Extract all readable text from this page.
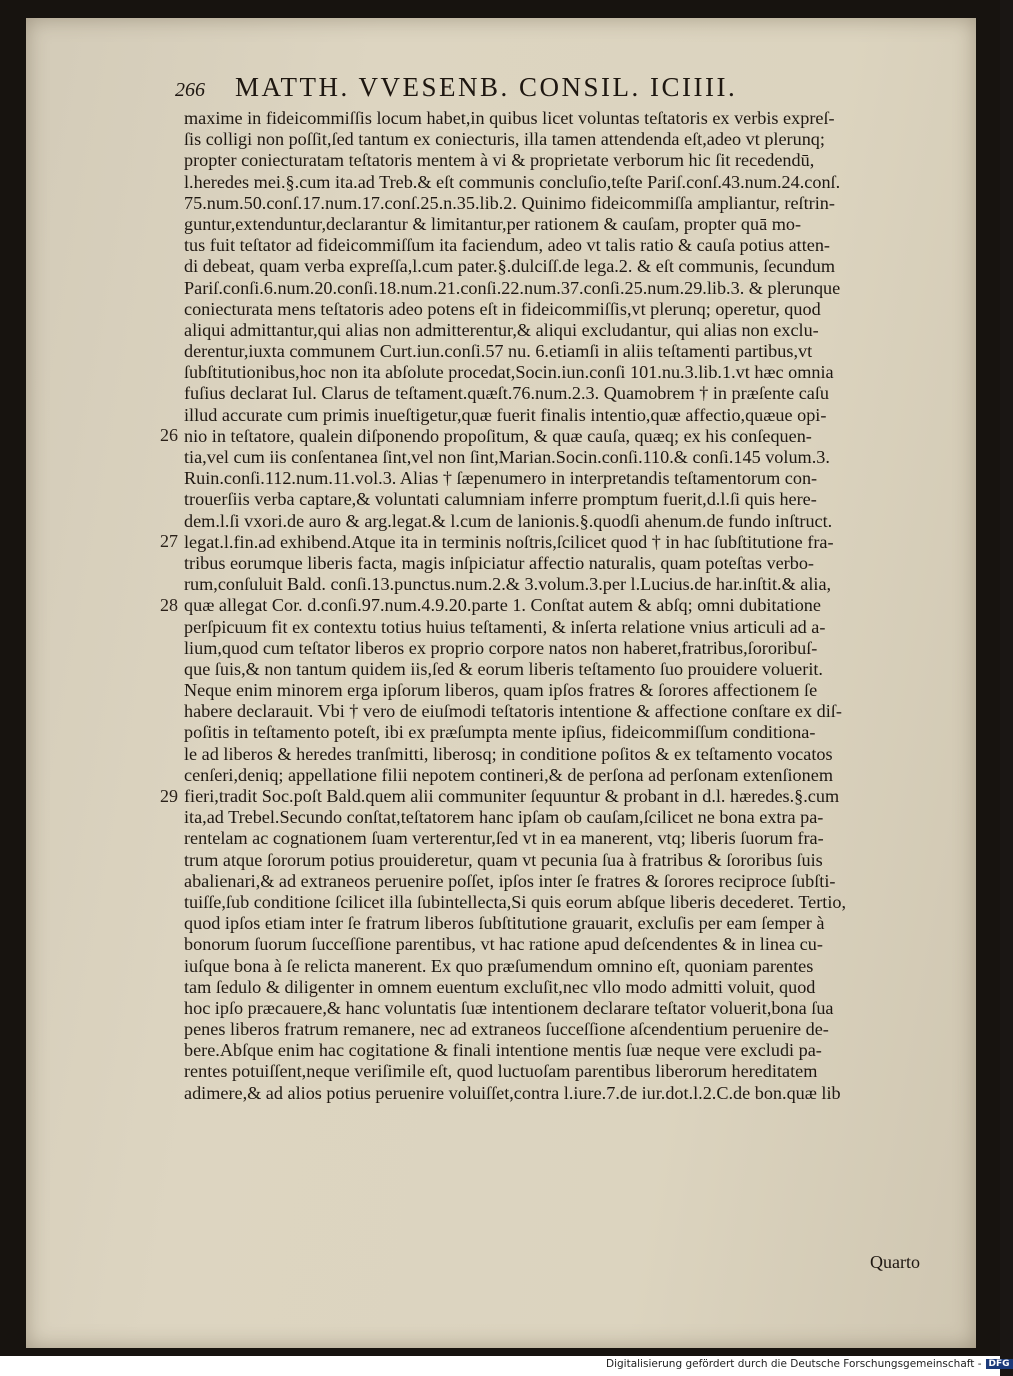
266 MATTH. VVESENB. CONSIL. ICIIII.
maxime in fideicommiſſis locum habet,in quibus licet voluntas teſtatoris ex verbis expreſ-
ſis colligi non poſſit,ſed tantum ex coniecturis, illa tamen attendenda eſt,adeo vt plerunq;
propter coniecturatam teſtatoris mentem à vi & proprietate verborum hic ſit recedendū,
l.heredes mei.§.cum ita.ad Treb.& eſt communis concluſio,teſte Pariſ.conſ.43.num.24.conſ.
75.num.50.conſ.17.num.17.conſ.25.n.35.lib.2. Quinimo fideicommiſſa ampliantur, reſtrin-
guntur,extenduntur,declarantur & limitantur,per rationem & cauſam, propter quā mo-
tus fuit teſtator ad fideicommiſſum ita faciendum, adeo vt talis ratio & cauſa potius atten-
di debeat, quam verba expreſſa,l.cum pater.§.dulciſſ.de lega.2. & eſt communis, ſecundum
Pariſ.conſi.6.num.20.conſi.18.num.21.conſi.22.num.37.conſi.25.num.29.lib.3. & plerunque
coniecturata mens teſtatoris adeo potens eſt in fideicommiſſis,vt plerunq; operetur, quod
aliqui admittantur,qui alias non admitterentur,& aliqui excludantur, qui alias non exclu-
derentur,iuxta communem Curt.iun.conſi.57 nu. 6.etiamſi in aliis teſtamenti partibus,vt
ſubſtitutionibus,hoc non ita abſolute procedat,Socin.iun.conſi 101.nu.3.lib.1.vt hæc omnia
fuſius declarat Iul. Clarus de teſtament.quæſt.76.num.2.3. Quamobrem † in præſente caſu
illud accurate cum primis inueſtigetur,quæ fuerit finalis intentio,quæ affectio,quæue opi-
nio in teſtatore, qualein diſponendo propoſitum, & quæ cauſa, quæq; ex his conſequen-
tia,vel cum iis conſentanea ſint,vel non ſint,Marian.Socin.conſi.110.& conſi.145 volum.3.
Ruin.conſi.112.num.11.vol.3. Alias † ſæpenumero in interpretandis teſtamentorum con-
trouerſiis verba captare,& voluntati calumniam inferre promptum fuerit,d.l.ſi quis here-
dem.l.ſi vxori.de auro & arg.legat.& l.cum de lanionis.§.quodſi ahenum.de fundo inſtruct.
legat.l.fin.ad exhibend.Atque ita in terminis noſtris,ſcilicet quod † in hac ſubſtitutione fra-
tribus eorumque liberis facta, magis inſpiciatur affectio naturalis, quam poteſtas verbo-
rum,conſuluit Bald. conſi.13.punctus.num.2.& 3.volum.3.per l.Lucius.de har.inſtit.& alia,
quæ allegat Cor. d.conſi.97.num.4.9.20.parte 1. Conſtat autem & abſq; omni dubitatione
perſpicuum fit ex contextu totius huius teſtamenti, & inſerta relatione vnius articuli ad a-
lium,quod cum teſtator liberos ex proprio corpore natos non haberet,fratribus,ſororibuſ-
que ſuis,& non tantum quidem iis,ſed & eorum liberis teſtamento ſuo prouidere voluerit.
Neque enim minorem erga ipſorum liberos, quam ipſos fratres & ſorores affectionem ſe
habere declarauit. Vbi † vero de eiuſmodi teſtatoris intentione & affectione conſtare ex diſ-
poſitis in teſtamento poteſt, ibi ex præſumpta mente ipſius, fideicommiſſum conditiona-
le ad liberos & heredes tranſmitti, liberosq; in conditione poſitos & ex teſtamento vocatos
cenſeri,deniq; appellatione filii nepotem contineri,& de perſona ad perſonam extenſionem
fieri,tradit Soc.poſt Bald.quem alii communiter ſequuntur & probant in d.l. hæredes.§.cum
ita,ad Trebel.Secundo conſtat,teſtatorem hanc ipſam ob cauſam,ſcilicet ne bona extra pa-
rentelam ac cognationem ſuam verterentur,ſed vt in ea manerent, vtq; liberis ſuorum fra-
trum atque ſororum potius prouideretur, quam vt pecunia ſua à fratribus & ſororibus ſuis
abalienari,& ad extraneos peruenire poſſet, ipſos inter ſe fratres & ſorores reciproce ſubſti-
tuiſſe,ſub conditione ſcilicet illa ſubintellecta,Si quis eorum abſque liberis decederet. Tertio,
quod ipſos etiam inter ſe fratrum liberos ſubſtitutione grauarit, excluſis per eam ſemper à
bonorum ſuorum ſucceſſione parentibus, vt hac ratione apud deſcendentes & in linea cu-
iuſque bona à ſe relicta manerent. Ex quo præſumendum omnino eſt, quoniam parentes
tam ſedulo & diligenter in omnem euentum excluſit,nec vllo modo admitti voluit, quod
hoc ipſo præcauere,& hanc voluntatis ſuæ intentionem declarare teſtator voluerit,bona ſua
penes liberos fratrum remanere, nec ad extraneos ſucceſſione aſcendentium peruenire de-
bere.Abſque enim hac cogitatione & finali intentione mentis ſuæ neque vere excludi pa-
rentes potuiſſent,neque veriſimile eſt, quod luctuoſam parentibus liberorum hereditatem
adimere,& ad alios potius peruenire voluiſſet,contra l.iure.7.de iur.dot.l.2.C.de bon.quæ lib
26
27
28
29
Quarto
Digitalisierung gefördert durch die Deutsche Forschungsgemeinschaft - DFG
